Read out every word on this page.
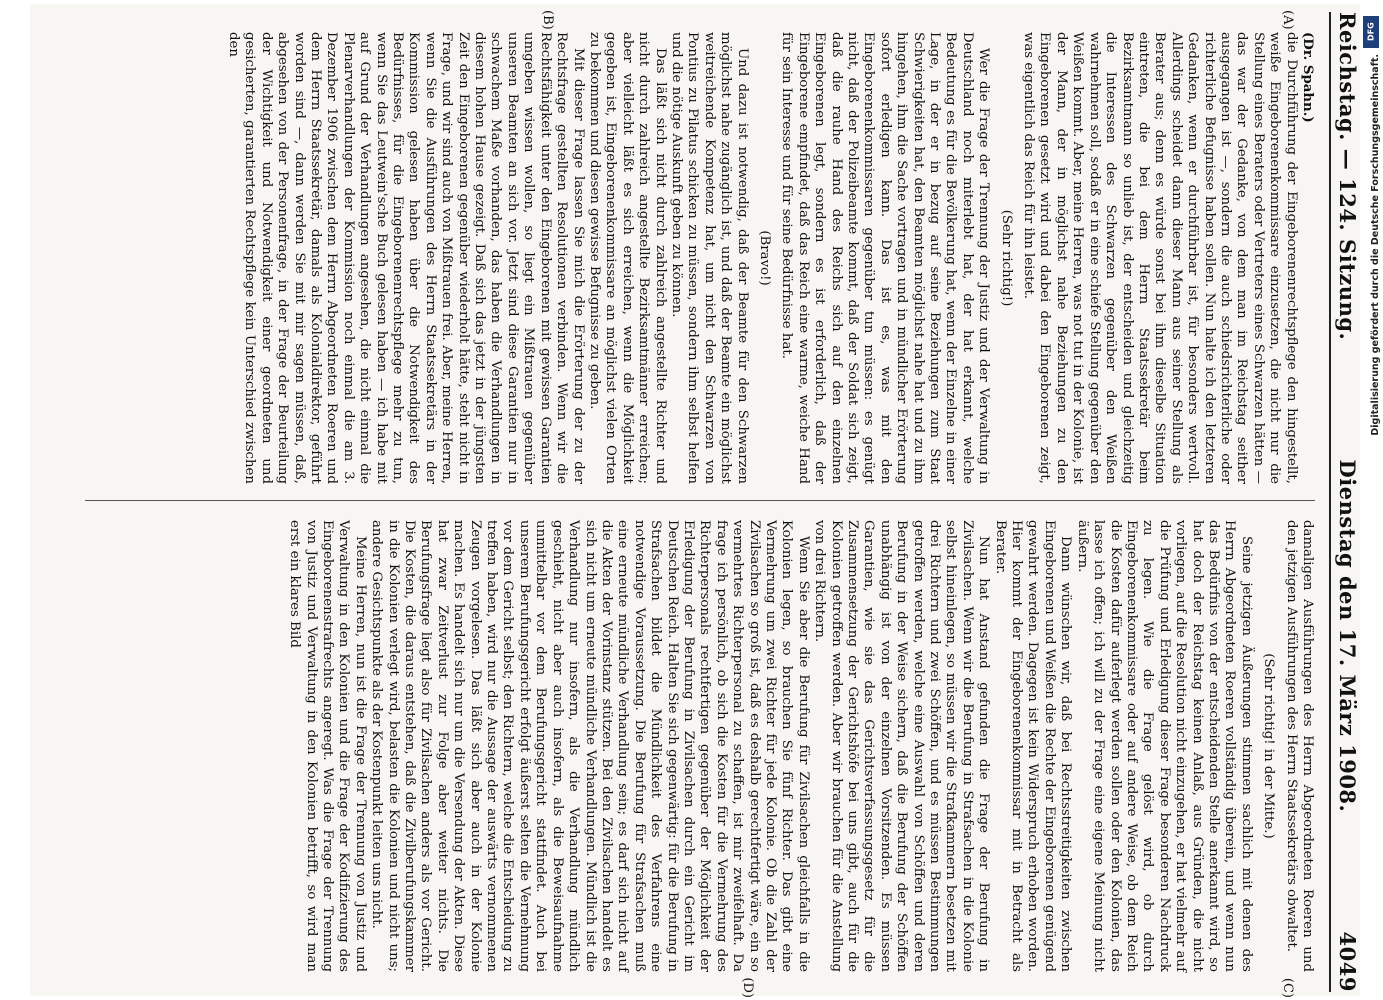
Reichstag. — 124. Sitzung.
Dienstag den 17. März 1908.
4049
(A)
(B)

(Dr. Spahn.)

die Durchführung der Eingeborenenrechtspflege den hingestellt, weiße Eingeborenenkommissare einzusetzen, die nicht nur die Stellung eines Beraters oder Vertreters eines Schwarzen hätten — das war der Gedanke, von dem man im Reichstag seither ausgegangen ist —, sondern die auch schiedsrichterliche oder richterliche Befugnisse haben sollen. Nun halte ich den letzteren Gedanken, wenn er durchführbar ist, für besonders wertvoll. Allerdings scheidet dann dieser Mann aus seiner Stellung als Berater aus; denn es würde sonst bei ihm dieselbe Situation eintreten, die bei dem Herrn Staatssekretär beim Bezirksamtmann so unlieb ist, der entscheiden und gleichzeitig die Interessen des Schwarzen gegenüber den Weißen wahrnehmen soll, sodaß er in eine schiefe Stellung gegenüber den Weißen kommt. Aber, meine Herren, was not tut in der Kolonie, ist der Mann, der in möglichst nahe Beziehungen zu den Eingeborenen gesetzt wird und dabei den Eingeborenen zeigt, was eigentlich das Reich für ihn leistet.

(Sehr richtig!)

Wer die Frage der Trennung der Justiz und der Verwaltung in Deutschland noch miterlebt hat, der hat erkannt, welche Bedeutung es für die Bevölkerung hat, wenn der Einzelne in einer Lage, in der er in bezug auf seine Beziehungen zum Staat Schwierigkeiten hat, den Beamten möglichst nahe hat und zu ihm hingehen, ihm die Sache vortragen und in mündlicher Erörterung sofort erledigen kann. Das ist es, was mit den Eingeborenenkommissaren gegenüber tun müssen: es genügt nicht, daß der Polizeibeamte kommt, daß der Soldat sich zeigt, daß die rauhe Hand des Reichs sich auf den einzelnen Eingeborenen legt, sondern es ist erforderlich, daß der Eingeborene empfindet, daß das Reich eine warme, weiche Hand für sein Interesse und für seine Bedürfnisse hat.

(Bravo!)

Und dazu ist notwendig, daß der Beamte für den Schwarzen möglichst nahe zugänglich ist, und daß der Beamte ein möglichst weitreichende Kompetenz hat, um nicht den Schwarzen von Pontius zu Pilatus schicken zu müssen, sondern ihm selbst helfen und die nötige Auskunft geben zu können.

Das läßt sich nicht durch zahlreich angestellte Richter und nicht durch zahlreich angestellte Bezirksamtmänner erreichen; aber vielleicht läßt es sich erreichen, wenn die Möglichkeit gegeben ist, Eingeborenenkommissare an möglichst vielen Orten zu bekommen und diesen gewisse Befugnisse zu geben.

Mit dieser Frage lassen Sie mich die Erörterung der zu der Rechtsfrage gestellten Resolutionen verbinden. Wenn wir die Rechtsfähigkeit unter den Eingeborenen mit gewissen Garantien umgeben wissen wollen, so liegt ein Mißtrauen gegenüber unseren Beamten an sich vor. Jetzt sind diese Garantien nur in schwachem Maße vorhanden, das haben die Verhandlungen in diesem hohen Hause gezeigt. Daß sich das jetzt in der jüngsten Zeit den Eingeborenen gegenüber wiederholt hätte, steht nicht in Frage, und wir sind auch von Mißtrauen frei. Aber, meine Herren, wenn Sie die Ausführungen des Herrn Staatssekretärs in der Kommission gelesen haben über die Notwendigkeit des Bedürfnisses, für die Eingeborenenrechtspflege mehr zu tun, wenn Sie das Leutwein'sche Buch gelesen haben — ich habe mit auf Grund der Verhandlungen angesehen, die nicht einmal die Plenarverhandlungen der Kommission noch einmal die am 3. Dezember 1906 zwischen dem Herrn Abgeordneten Roeren und dem Herrn Staatssekretär, damals als Kolonialdirektor, geführt worden sind —, dann werden Sie mit mir sagen müssen, daß, abgesehen von der Personenfrage, in der Frage der Beurteilung der Wichtigkeit und Notwendigkeit einer geordneten und gesicherten, garantierten Rechtspflege kein Unterschied zwischen den

(C)
(D)

damaligen Ausführungen des Herrn Abgeordneten Roeren und den jetzigen Ausführungen des Herrn Staatssekretärs obwaltet.

(Sehr richtig! in der Mitte.)

Seine jetzigen Äußerungen stimmen sachlich mit denen des Herrn Abgeordneten Roeren vollständig überein, und wenn nun das Bedürfnis von der entscheidenden Stelle anerkannt wird, so hat doch der Reichstag keinen Anlaß, aus Gründen, die nicht vorliegen, auf die Resolution nicht einzugehen, er hat vielmehr auf die Prüfung und Erledigung dieser Frage besonderen Nachdruck zu legen. Wie die Frage gelöst wird, ob durch Eingeborenenkommissare oder auf andere Weise, ob dem Reich die Kosten dafür auferlegt werden sollen oder den Kolonien, das lasse ich offen; ich will zu der Frage eine eigene Meinung nicht äußern.

Dann wünschen wir, daß bei Rechtsstreitigkeiten zwischen Eingeborenen und Weißen die Rechte der Eingeborenen genügend gewahrt werden. Dagegen ist kein Widerspruch erhoben worden. Hier kommt der Eingeborenenkommissar mit in Betracht als Berater.

Nun hat Anstand gefunden die Frage der Berufung in Zivilsachen. Wenn wir die Berufung in Strafsachen in die Kolonie selbst hineinlegen, so müssen wir die Strafkammern besetzen mit drei Richtern und zwei Schöffen, und es müssen Bestimmungen getroffen werden, welche eine Auswahl von Schöffen und deren Berufung in der Weise sichern, daß die Berufung der Schöffen unabhängig ist von der einzelnen Vorsitzenden. Es müssen Garantien, wie sie das Gerichtsverfassungsgesetz für die Zusammensetzung der Gerichtshöfe bei uns gibt, auch für die Kolonien getroffen werden. Aber wir brauchen für die Anstellung von drei Richtern.

Wenn Sie aber die Berufung für Zivilsachen gleichfalls in die Kolonien legen, so brauchen Sie fünf Richter. Das gibt eine Vermehrung um zwei Richter für jede Kolonie. Ob die Zahl der Zivilsachen so groß ist, daß es deshalb gerechtfertigt wäre, ein so vermehrtes Richterpersonal zu schaffen, ist mir zweifelhaft. Da frage ich persönlich, ob sich die Kosten für die Vermehrung des Richterpersonals rechtfertigen gegenüber der Möglichkeit der Erledigung der Berufung in Zivilsachen durch ein Gericht im Deutschen Reich. Halten Sie sich gegenwärtig: für die Berufung in Strafsachen bildet die Mündlichkeit des Verfahrens eine notwendige Voraussetzung. Die Berufung für Strafsachen muß eine erneute mündliche Verhandlung sein; es darf sich nicht auf die Akten der Vorinstanz stützen. Bei den Zivilsachen handelt es sich nicht um erneute mündliche Verhandlungen. Mündlich ist die Verhandlung nur insofern, als die Verhandlung mündlich geschieht, nicht aber auch insofern, als die Beweisaufnahme unmittelbar vor dem Berufungsgericht stattfindet. Auch bei unserem Berufungsgericht erfolgt äußerst selten die Vernehmung vor dem Gericht selbst; den Richtern, welche die Entscheidung zu treffen haben, wird nur die Aussage der auswärts vernommenen Zeugen vorgelesen. Das läßt sich aber auch in der Kolonie machen. Es handelt sich nur um die Versendung der Akten. Diese hat zwar Zeitverlust zur Folge aber weiter nichts. Die Berufungsfrage liegt also für Zivilsachen anders als vor Gericht. Die Kosten, die daraus entstehen, daß die Zivilberufungskammer in die Kolonien verlegt wird, belasten die Kolonien und nicht uns; andere Gesichtspunkte als der Kostenpunkt leiten uns nicht.

Meine Herren, nun ist die Frage der Trennung von Justiz und Verwaltung in den Kolonien und die Frage der Kodifizierung des Eingeborenenstrafrechts angeregt. Was die Frage der Trennung von Justiz und Verwaltung in den Kolonien betrifft, so wird man erst ein klares Bild

DFG
Digitalisierung gefördert durch die Deutsche Forschungsgemeinschaft.
